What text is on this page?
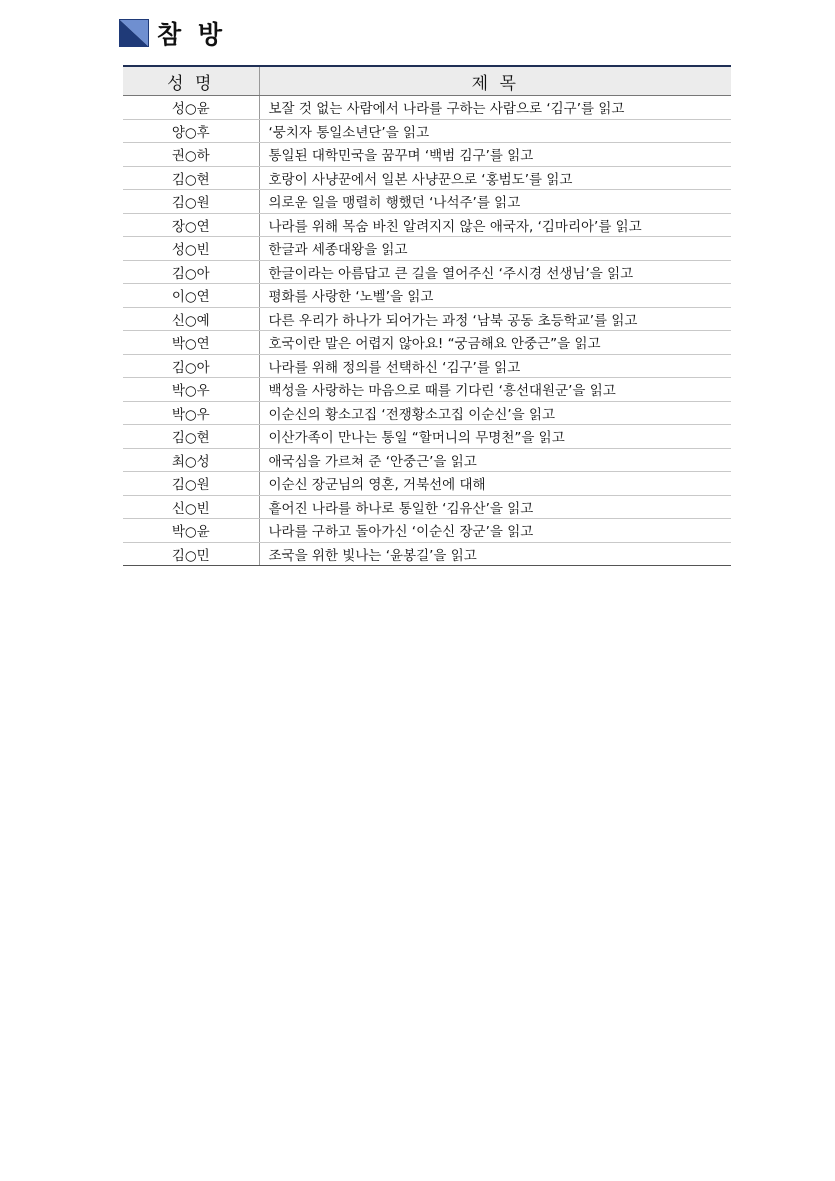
참 방
성 명	제 목
성○윤	보잘 것 없는 사람에서 나라를 구하는 사람으로 ‘김구’를 읽고
양○후	‘뭉치자 통일소년단’을 읽고
권○하	통일된 대학민국을 꿈꾸며 ‘백범 김구’를 읽고
김○현	호랑이 사냥꾼에서 일본 사냥꾼으로 ‘홍범도’를 읽고
김○원	의로운 일을 맹렬히 행했던 ‘나석주’를 읽고
장○연	나라를 위해 목숨 바친 알려지지 않은 애국자, ‘김마리아’를 읽고
성○빈	한글과 세종대왕을 읽고
김○아	한글이라는 아름답고 큰 길을 열어주신 ‘주시경 선생님’을 읽고
이○연	평화를 사랑한 ‘노벨’을 읽고
신○예	다른 우리가 하나가 되어가는 과정 ‘남북 공동 초등학교’를 읽고
박○연	호국이란 말은 어렵지 않아요! “궁금해요 안중근”을 읽고
김○아	나라를 위해 정의를 선택하신 ‘김구’를 읽고
박○우	백성을 사랑하는 마음으로 때를 기다린 ‘흥선대원군’을 읽고
박○우	이순신의 황소고집 ‘전쟁황소고집 이순신’을 읽고
김○현	이산가족이 만나는 통일 “할머니의 무명천”을 읽고
최○성	애국심을 가르쳐 준 ‘안중근’을 읽고
김○원	이순신 장군님의 영혼, 거북선에 대해
신○빈	흩어진 나라를 하나로 통일한 ‘김유산’을 읽고
박○윤	나라를 구하고 돌아가신 ‘이순신 장군’을 읽고
김○민	조국을 위한 빛나는 ‘윤봉길’을 읽고
